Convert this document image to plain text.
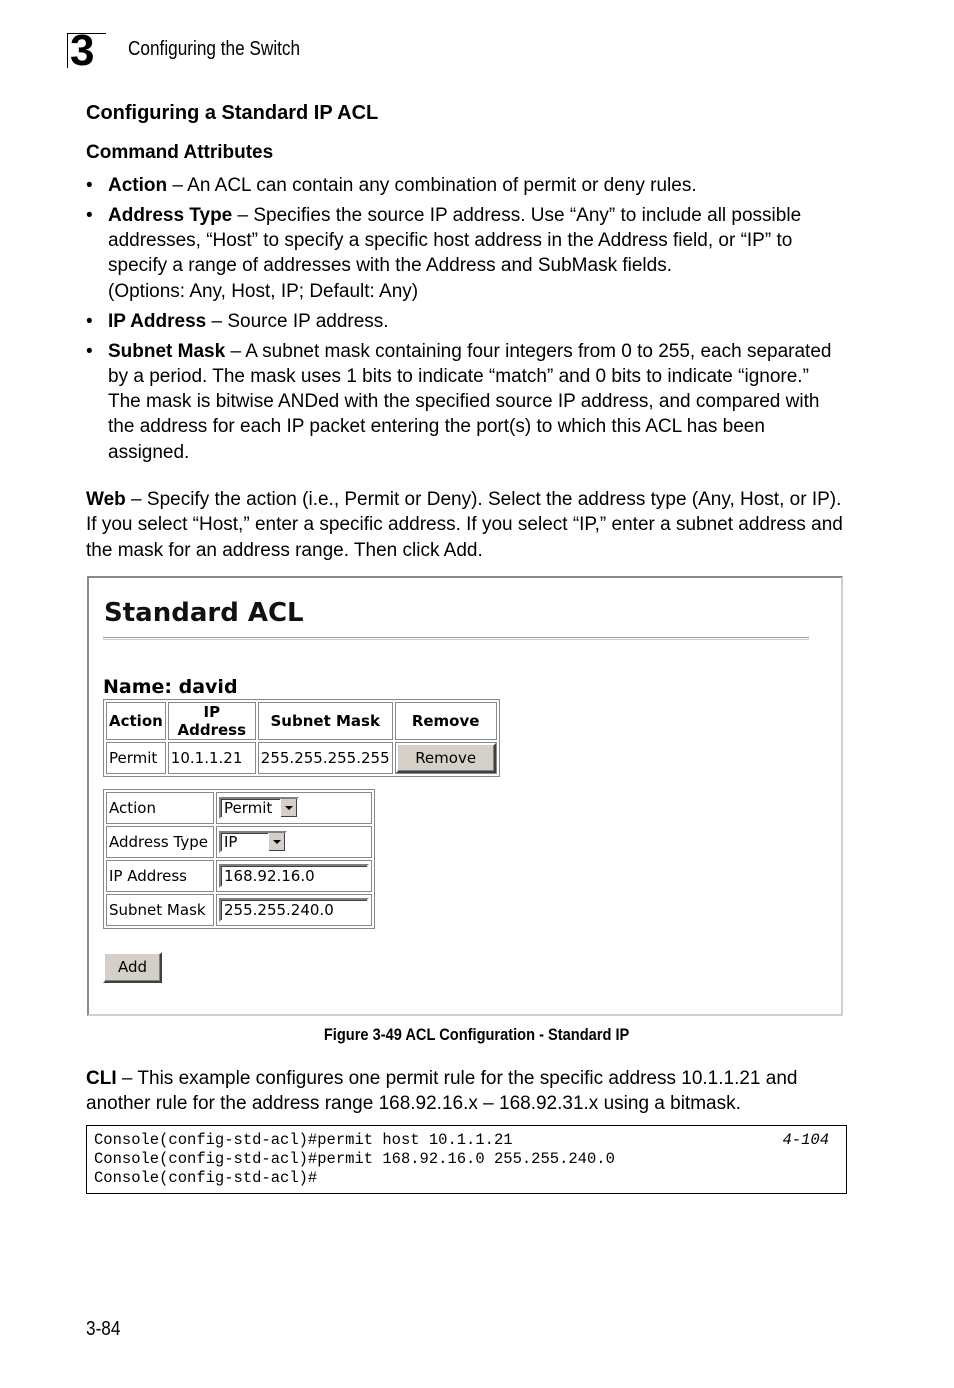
3 Configuring the Switch
Configuring a Standard IP ACL
Command Attributes
• Action – An ACL can contain any combination of permit or deny rules.
• Address Type – Specifies the source IP address. Use “Any” to include all possible addresses, “Host” to specify a specific host address in the Address field, or “IP” to specify a range of addresses with the Address and SubMask fields.
(Options: Any, Host, IP; Default: Any)
• IP Address – Source IP address.
• Subnet Mask – A subnet mask containing four integers from 0 to 255, each separated by a period. The mask uses 1 bits to indicate “match” and 0 bits to indicate “ignore.” The mask is bitwise ANDed with the specified source IP address, and compared with the address for each IP packet entering the port(s) to which this ACL has been assigned.

Web – Specify the action (i.e., Permit or Deny). Select the address type (Any, Host, or IP). If you select “Host,” enter a specific address. If you select “IP,” enter a subnet address and the mask for an address range. Then click Add.

Standard ACL
Name: david
Action	IP Address	Subnet Mask	Remove
Permit	10.1.1.21	255.255.255.255	Remove
Action	Permit

Address Type	IP

IP Address	168.92.16.0
Subnet Mask	255.255.240.0
Add
Figure 3-49 ACL Configuration - Standard IP

CLI – This example configures one permit rule for the specific address 10.1.1.21 and another rule for the address range 168.92.16.x – 168.92.31.x using a bitmask.

Console(config-std-acl)#permit host 10.1.1.21
Console(config-std-acl)#permit 168.92.16.0 255.255.240.0
Console(config-std-acl)#
4-104
3-84
